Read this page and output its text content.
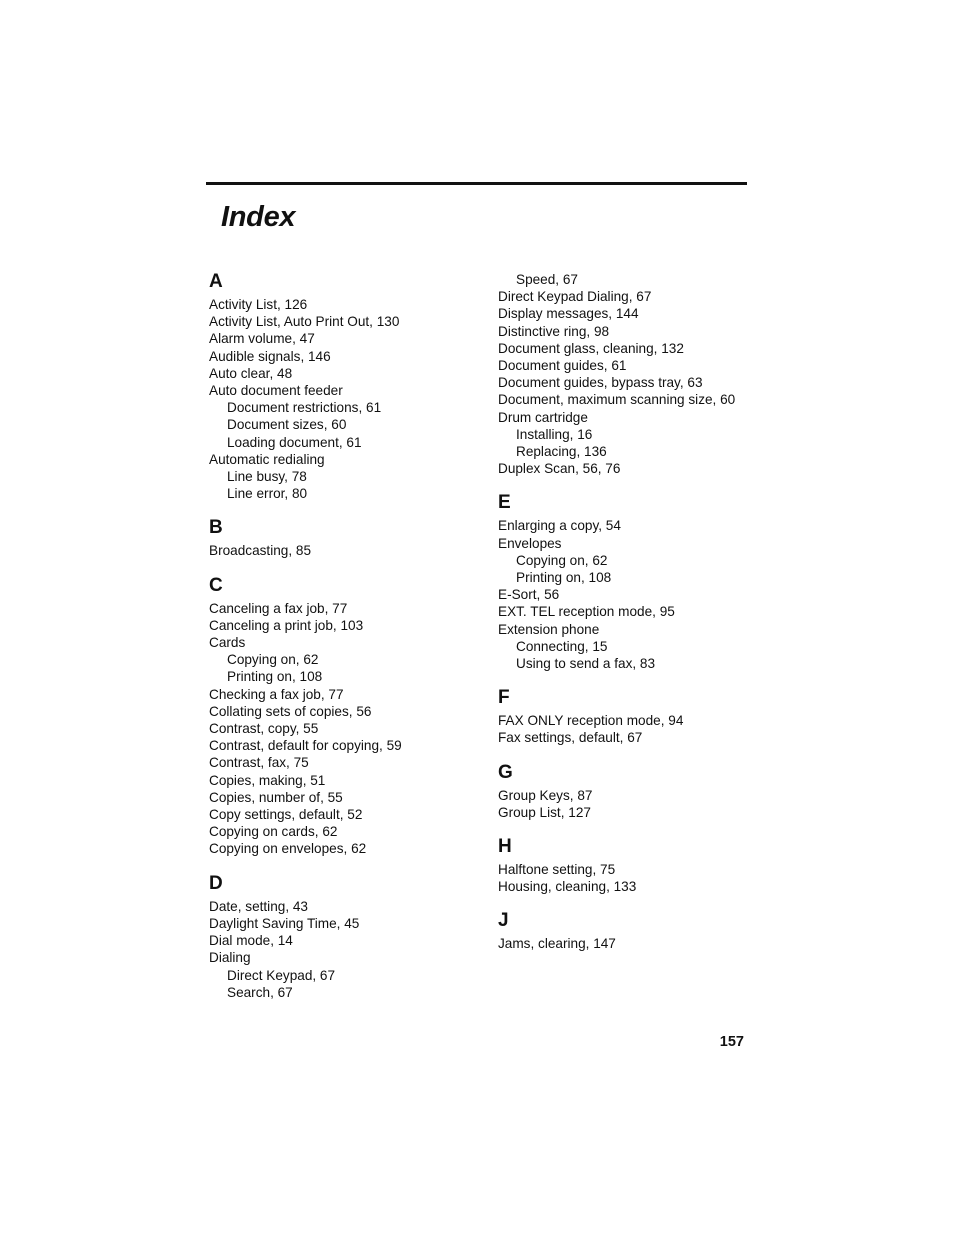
Index
A
Activity List, 126
Activity List, Auto Print Out, 130
Alarm volume, 47
Audible signals, 146
Auto clear, 48
Auto document feeder
Document restrictions, 61
Document sizes, 60
Loading document, 61
Automatic redialing
Line busy, 78
Line error, 80
B
Broadcasting, 85
C
Canceling a fax job, 77
Canceling a print job, 103
Cards
Copying on, 62
Printing on, 108
Checking a fax job, 77
Collating sets of copies, 56
Contrast, copy, 55
Contrast, default for copying, 59
Contrast, fax, 75
Copies, making, 51
Copies, number of, 55
Copy settings, default, 52
Copying on cards, 62
Copying on envelopes, 62
D
Date, setting, 43
Daylight Saving Time, 45
Dial mode, 14
Dialing
Direct Keypad, 67
Search, 67
Speed, 67
Direct Keypad Dialing, 67
Display messages, 144
Distinctive ring, 98
Document glass, cleaning, 132
Document guides, 61
Document guides, bypass tray, 63
Document, maximum scanning size, 60
Drum cartridge
Installing, 16
Replacing, 136
Duplex Scan, 56, 76
E
Enlarging a copy, 54
Envelopes
Copying on, 62
Printing on, 108
E-Sort, 56
EXT. TEL reception mode, 95
Extension phone
Connecting, 15
Using to send a fax, 83
F
FAX ONLY reception mode, 94
Fax settings, default, 67
G
Group Keys, 87
Group List, 127
H
Halftone setting, 75
Housing, cleaning, 133
J
Jams, clearing, 147
157
